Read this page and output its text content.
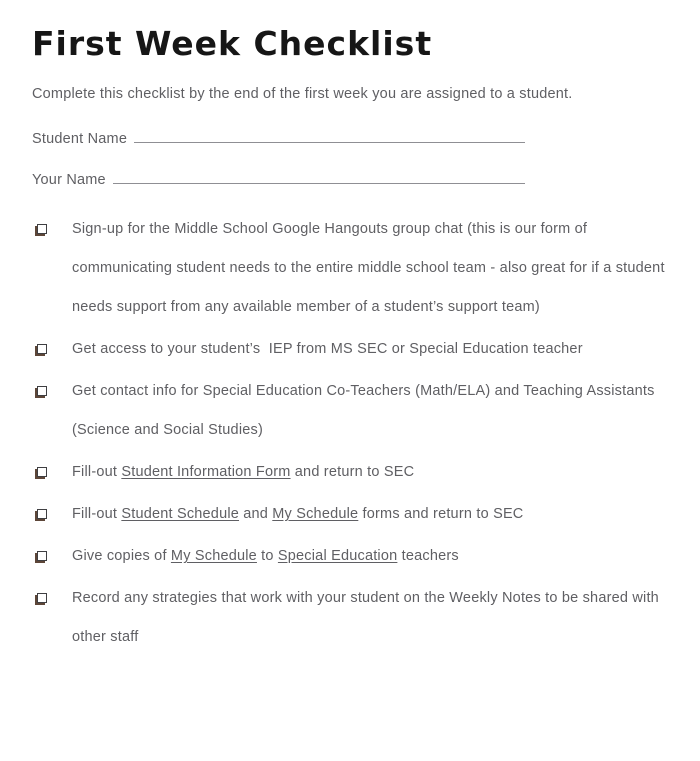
First Week Checklist

Complete this checklist by the end of the first week you are assigned to a student.

Student Name
Your Name

Sign-up for the Middle School Google Hangouts group chat (this is our form of communicating student needs to the entire middle school team - also great for if a student needs support from any available member of a student’s support team)

Get access to your student’s  IEP from MS SEC or Special Education teacher

Get contact info for Special Education Co-Teachers (Math/ELA) and Teaching Assistants (Science and Social Studies)

Fill-out Student Information Form and return to SEC

Fill-out Student Schedule and My Schedule forms and return to SEC

Give copies of My Schedule to Special Education teachers

Record any strategies that work with your student on the Weekly Notes to be shared with other staff
